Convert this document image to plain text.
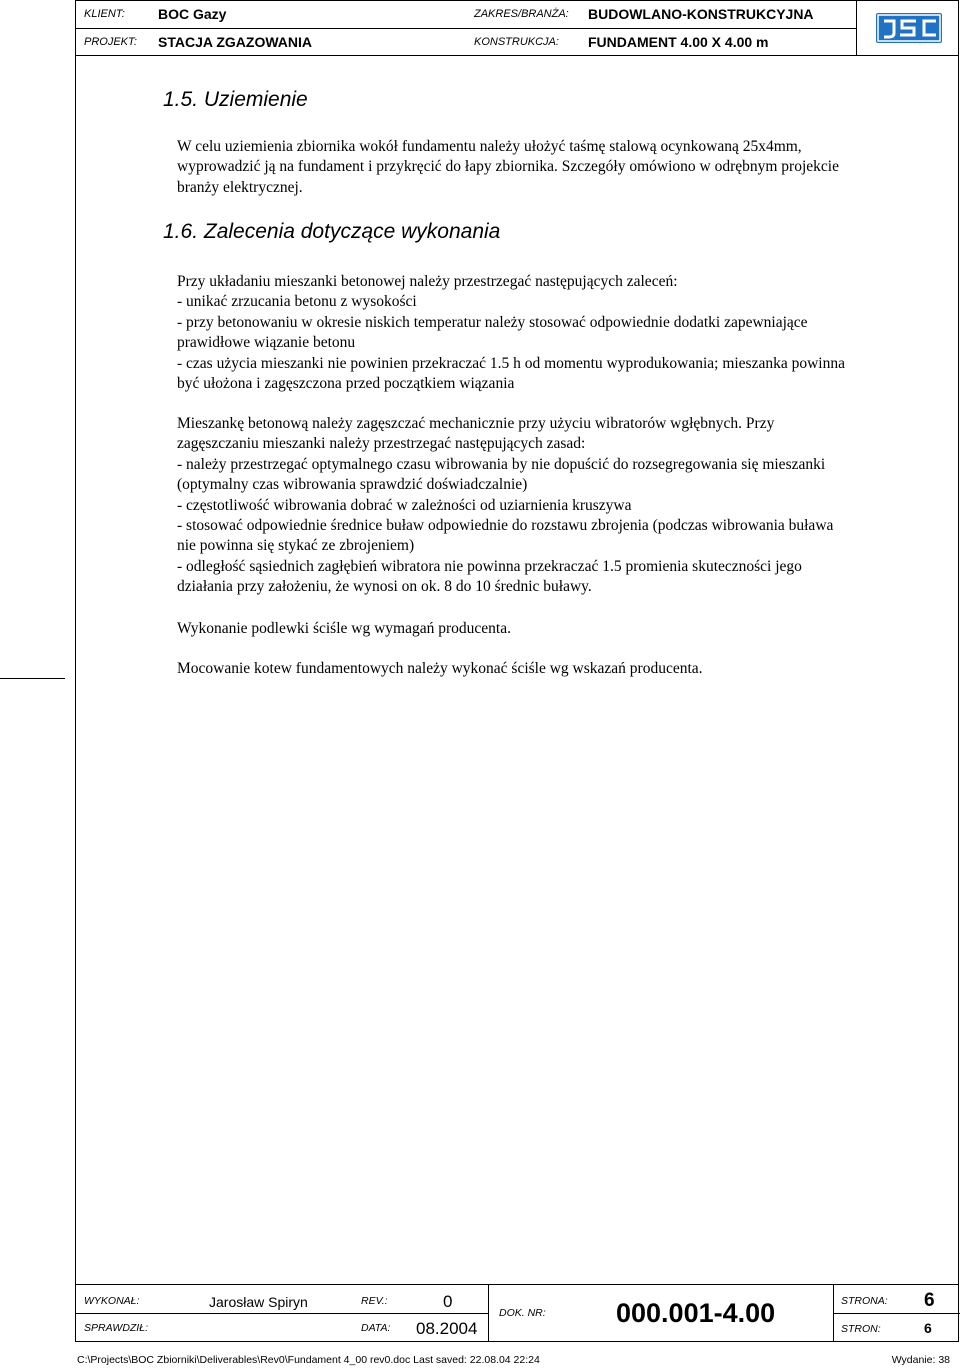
KLIENT: BOC Gazy	ZAKRES/BRANŻA: BUDOWLANO-KONSTRUKCYJNA
PROJEKT: STACJA ZGAZOWANIA	KONSTRUKCJA: FUNDAMENT 4.00 X 4.00 m
1.5. Uziemienie
W celu uziemienia zbiornika wokół fundamentu należy ułożyć taśmę stalową ocynkowaną 25x4mm,
wyprowadzić ją na fundament i przykręcić do łapy zbiornika. Szczegóły omówiono w odrębnym projekcie
branży elektrycznej.
1.6. Zalecenia dotyczące wykonania
Przy układaniu mieszanki betonowej należy przestrzegać następujących zaleceń:
- unikać zrzucania betonu z wysokości
- przy betonowaniu w okresie niskich temperatur należy stosować odpowiednie dodatki zapewniające
prawidłowe wiązanie betonu
- czas użycia mieszanki nie powinien przekraczać 1.5 h od momentu wyprodukowania; mieszanka powinna
być ułożona i zagęszczona przed początkiem wiązania
Mieszankę betonową należy zagęszczać mechanicznie przy użyciu wibratorów wgłębnych. Przy
zagęszczaniu mieszanki należy przestrzegać następujących zasad:
- należy przestrzegać optymalnego czasu wibrowania by nie dopuścić do rozsegregowania się mieszanki
(optymalny czas wibrowania sprawdzić doświadczalnie)
- częstotliwość wibrowania dobrać w zależności od uziarnienia kruszywa
- stosować odpowiednie średnice buław odpowiednie do rozstawu zbrojenia (podczas wibrowania buława
nie powinna się stykać ze zbrojeniem)
- odległość sąsiednich zagłębień wibratora nie powinna przekraczać 1.5 promienia skuteczności jego
działania przy założeniu, że wynosi on ok. 8 do 10 średnic buławy.
Wykonanie podlewki ściśle wg wymagań producenta.
Mocowanie kotew fundamentowych należy wykonać ściśle wg wskazań producenta.
WYKONAŁ:	Jarosław Spiryn	REV.:	0
SPRAWDZIŁ:	DATA: 08.2004
DOK. NR:	000.001-4.00	STRONA: 6
STRON:	6
C:\Projects\BOC Zbiorniki\Deliverables\Rev0\Fundament 4_00 rev0.doc Last saved: 22.08.04 22:24	Wydanie: 38
